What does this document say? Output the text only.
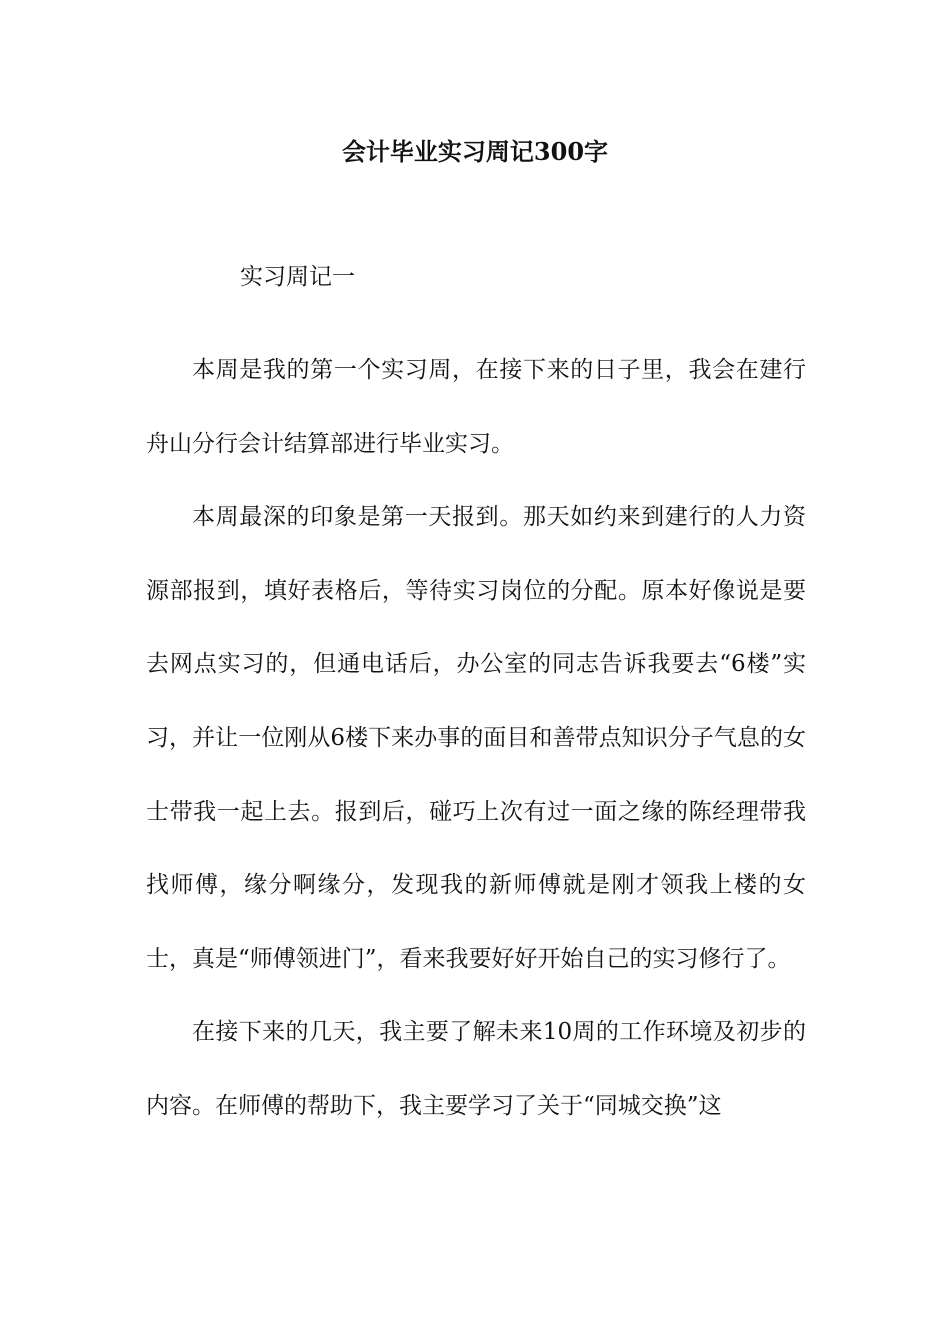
会计毕业实习周记300字
实习周记一

本周是我的第一个实习周，在接下来的日子里，我会在建行舟山分行会计结算部进行毕业实习。

本周最深的印象是第一天报到。那天如约来到建行的人力资源部报到，填好表格后，等待实习岗位的分配。原本好像说是要去网点实习的，但通电话后，办公室的同志告诉我要去“6楼”实习，并让一位刚从6楼下来办事的面目和善带点知识分子气息的女士带我一起上去。报到后，碰巧上次有过一面之缘的陈经理带我找师傅，缘分啊缘分，发现我的新师傅就是刚才领我上楼的女士，真是“师傅领进门”，看来我要好好开始自己的实习修行了。

在接下来的几天，我主要了解未来10周的工作环境及初步的内容。在师傅的帮助下，我主要学习了关于“同城交换”这
